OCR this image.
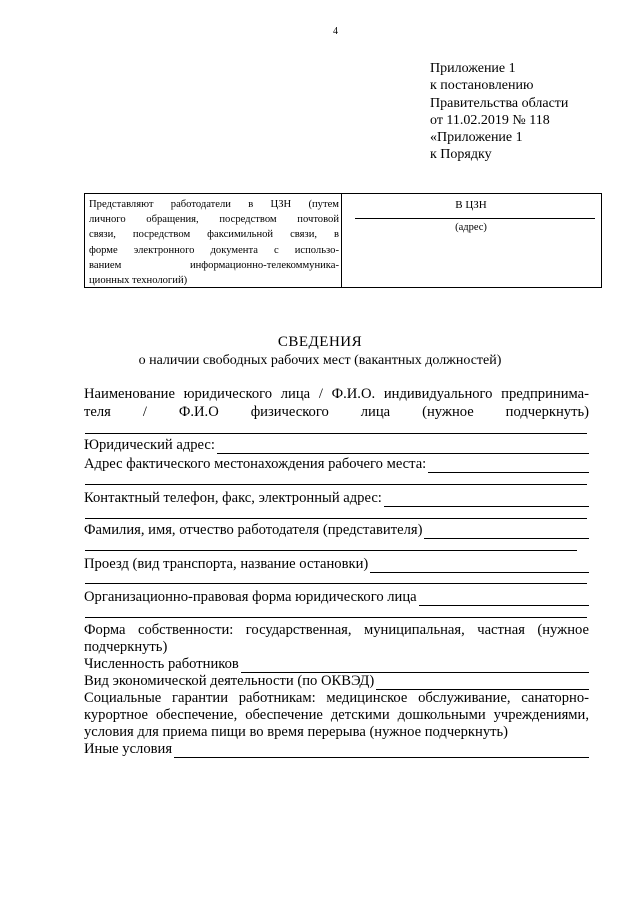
4
Приложение 1
к постановлению
Правительства области
от 11.02.2019 № 118
«Приложение 1
к Порядку
Представляют работодатели в ЦЗН (путем
личного обращения, посредством почтовой
связи, посредством факсимильной связи, в
форме электронного документа с использо-
ванием информационно-телекоммуника-
ционных технологий)
В ЦЗН
(адрес)
СВЕДЕНИЯ
о наличии свободных рабочих мест (вакантных должностей)
Наименование юридического лица / Ф.И.О. индивидуального предпринима-
теля / Ф.И.О физического лица (нужное подчеркнуть)
Юридический адрес:
Адрес фактического местонахождения рабочего места:
Контактный телефон, факс, электронный адрес:
Фамилия, имя, отчество работодателя (представителя)
Проезд (вид транспорта, название остановки)
Организационно-правовая форма юридического лица
Форма собственности: государственная, муниципальная, частная (нужное
подчеркнуть)
Численность работников
Вид экономической деятельности (по ОКВЭД)
Социальные гарантии работникам: медицинское обслуживание, санаторно-
курортное обеспечение, обеспечение детскими дошкольными учреждениями,
условия для приема пищи во время перерыва (нужное подчеркнуть)
Иные условия
